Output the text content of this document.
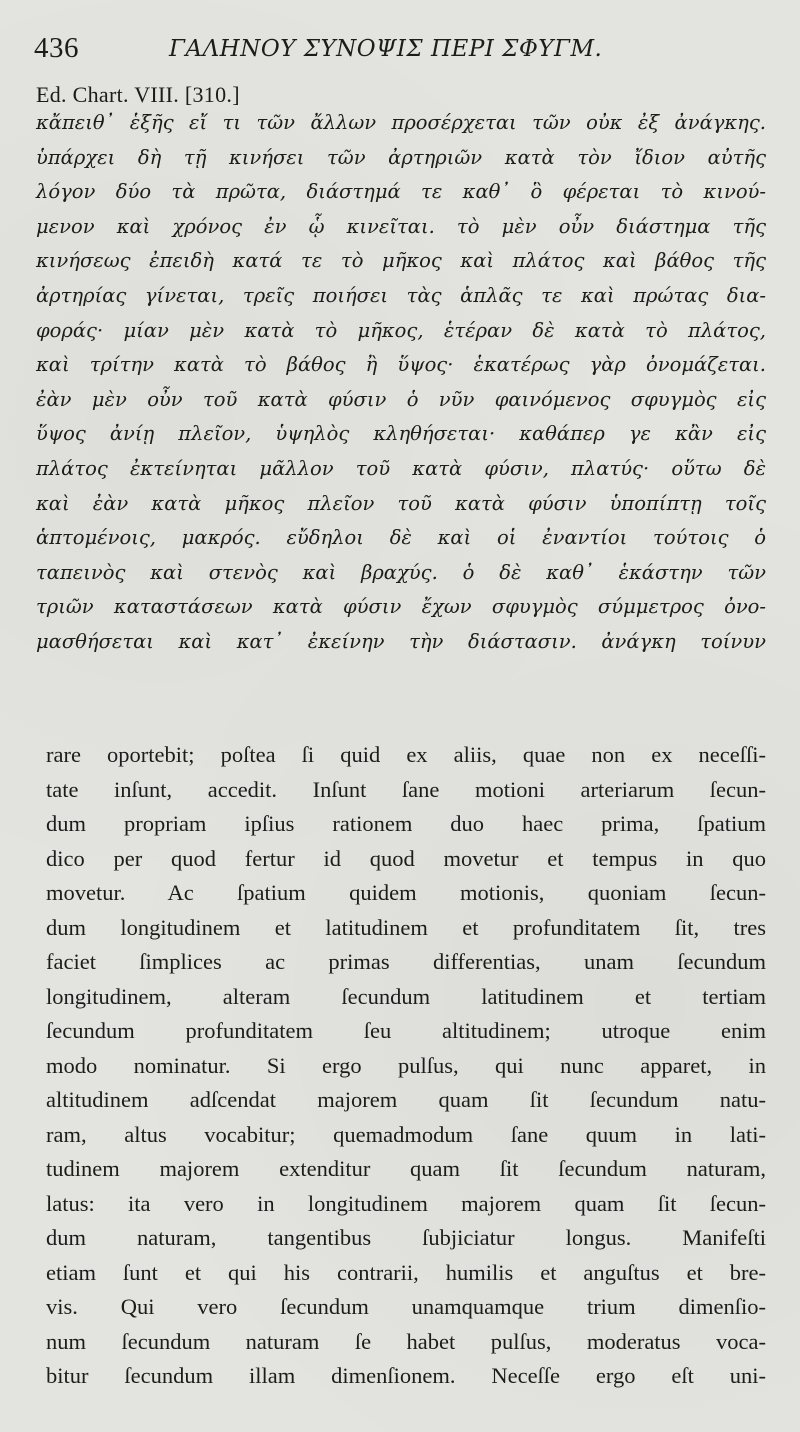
436	ΓΑΛΗΝΟΥ ΣΥΝΟΨΙΣ ΠΕΡΙ ΣΦΥΓΜ.
Ed. Chart. VIII. [310.]
κἄπειθ᾽ ἑξῆς εἴ τι τῶν ἄλλων προσέρχεται τῶν οὐκ ἐξ ἀνάγκης.
ὑπάρχει δὴ τῇ κινήσει τῶν ἀρτηριῶν κατὰ τὸν ἴδιον αὐτῆς
λόγον δύο τὰ πρῶτα, διάστημά τε καθ᾽ ὃ φέρεται τὸ κινού-
μενον καὶ χρόνος ἐν ᾧ κινεῖται. τὸ μὲν οὖν διάστημα τῆς
κινήσεως ἐπειδὴ κατά τε τὸ μῆκος καὶ πλάτος καὶ βάθος τῆς
ἀρτηρίας γίνεται, τρεῖς ποιήσει τὰς ἁπλᾶς τε καὶ πρώτας δια-
φοράς· μίαν μὲν κατὰ τὸ μῆκος, ἑτέραν δὲ κατὰ τὸ πλάτος,
καὶ τρίτην κατὰ τὸ βάθος ἢ ὕψος· ἑκατέρως γὰρ ὀνομάζεται.
ἐὰν μὲν οὖν τοῦ κατὰ φύσιν ὁ νῦν φαινόμενος σφυγμὸς εἰς
ὕψος ἀνίῃ πλεῖον, ὑψηλὸς κληθήσεται· καθάπερ γε κἂν εἰς
πλάτος ἐκτείνηται μᾶλλον τοῦ κατὰ φύσιν, πλατύς· οὕτω δὲ
καὶ ἐὰν κατὰ μῆκος πλεῖον τοῦ κατὰ φύσιν ὑποπίπτῃ τοῖς
ἁπτομένοις, μακρός. εὔδηλοι δὲ καὶ οἱ ἐναντίοι τούτοις ὁ
ταπεινὸς καὶ στενὸς καὶ βραχύς. ὁ δὲ καθ᾽ ἑκάστην τῶν
τριῶν καταστάσεων κατὰ φύσιν ἔχων σφυγμὸς σύμμετρος ὀνο-
μασθήσεται καὶ κατ᾽ ἐκείνην τὴν διάστασιν. ἀνάγκη τοίνυν
rare oportebit; poſtea ſi quid ex aliis, quae non ex neceſſi-
tate inſunt, accedit. Inſunt ſane motioni arteriarum ſecun-
dum propriam ipſius rationem duo haec prima, ſpatium
dico per quod fertur id quod movetur et tempus in quo
movetur. Ac ſpatium quidem motionis, quoniam ſecun-
dum longitudinem et latitudinem et profunditatem ſit, tres
faciet ſimplices ac primas differentias, unam ſecundum
longitudinem, alteram ſecundum latitudinem et tertiam
ſecundum profunditatem ſeu altitudinem; utroque enim
modo nominatur. Si ergo pulſus, qui nunc apparet, in
altitudinem adſcendat majorem quam ſit ſecundum natu-
ram, altus vocabitur; quemadmodum ſane quum in lati-
tudinem majorem extenditur quam ſit ſecundum naturam,
latus: ita vero in longitudinem majorem quam ſit ſecun-
dum naturam, tangentibus ſubjiciatur longus. Manifeſti
etiam ſunt et qui his contrarii, humilis et anguſtus et bre-
vis. Qui vero ſecundum unamquamque trium dimenſio-
num ſecundum naturam ſe habet pulſus, moderatus voca-
bitur ſecundum illam dimenſionem. Neceſſe ergo eſt uni-
